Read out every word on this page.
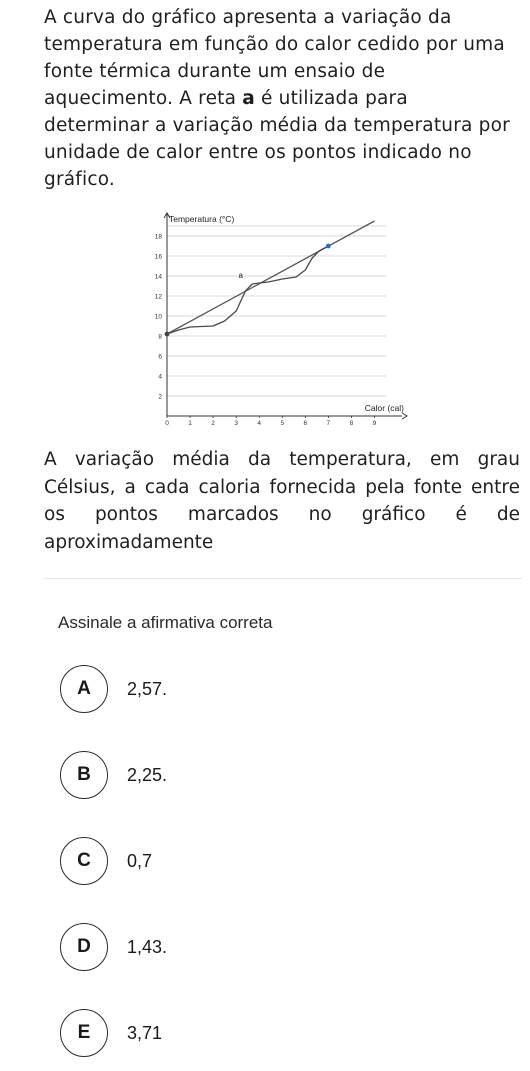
A curva do gráfico apresenta a variação da temperatura em função do calor cedido por uma fonte térmica durante um ensaio de aquecimento. A reta a é utilizada para determinar a variação média da temperatura por unidade de calor entre os pontos indicado no gráfico.

2
4
6
8
10
12
14
16
18
0	1	2	3	4	5	6	7	8	9
Temperatura (°C)
Calor (cal)
a

A variação média da temperatura, em grau Célsius, a cada caloria fornecida pela fonte entre os pontos marcados no gráfico é de aproximadamente

Assinale a afirmativa correta
A	2,57.
B	2,25.
C	0,7
D	1,43.
E	3,71
